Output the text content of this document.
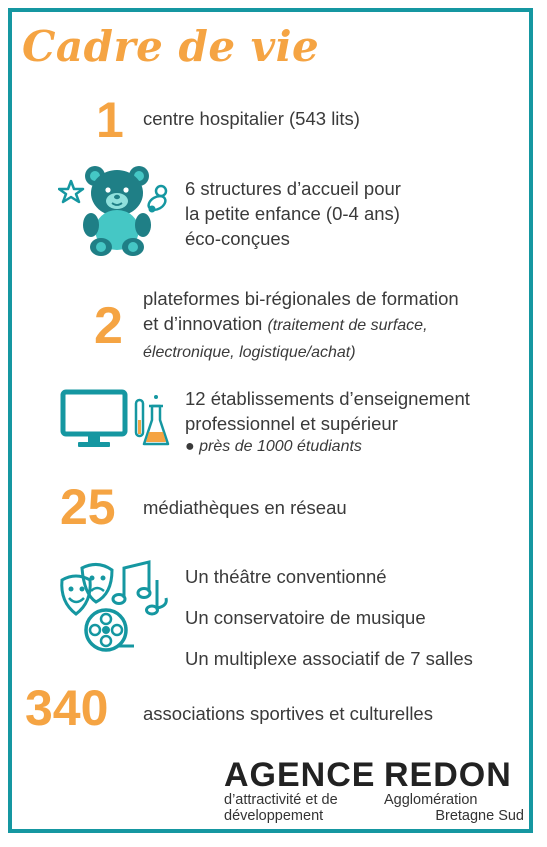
Cadre de vie
1 centre hospitalier (543 lits)
6 structures d’accueil pour
la petite enfance (0-4 ans)
éco-conçues
2 plateformes bi-régionales de formation
et d’innovation (traitement de surface,
électronique, logistique/achat)
12 établissements d’enseignement
professionnel et supérieur
● près de 1000 étudiants
25 médiathèques en réseau
Un théâtre conventionné
Un conservatoire de musique
Un multiplexe associatif de 7 salles
340 associations sportives et culturelles
AGENCE
d’attractivité et de
développement
REDON
Agglomération
Bretagne Sud
